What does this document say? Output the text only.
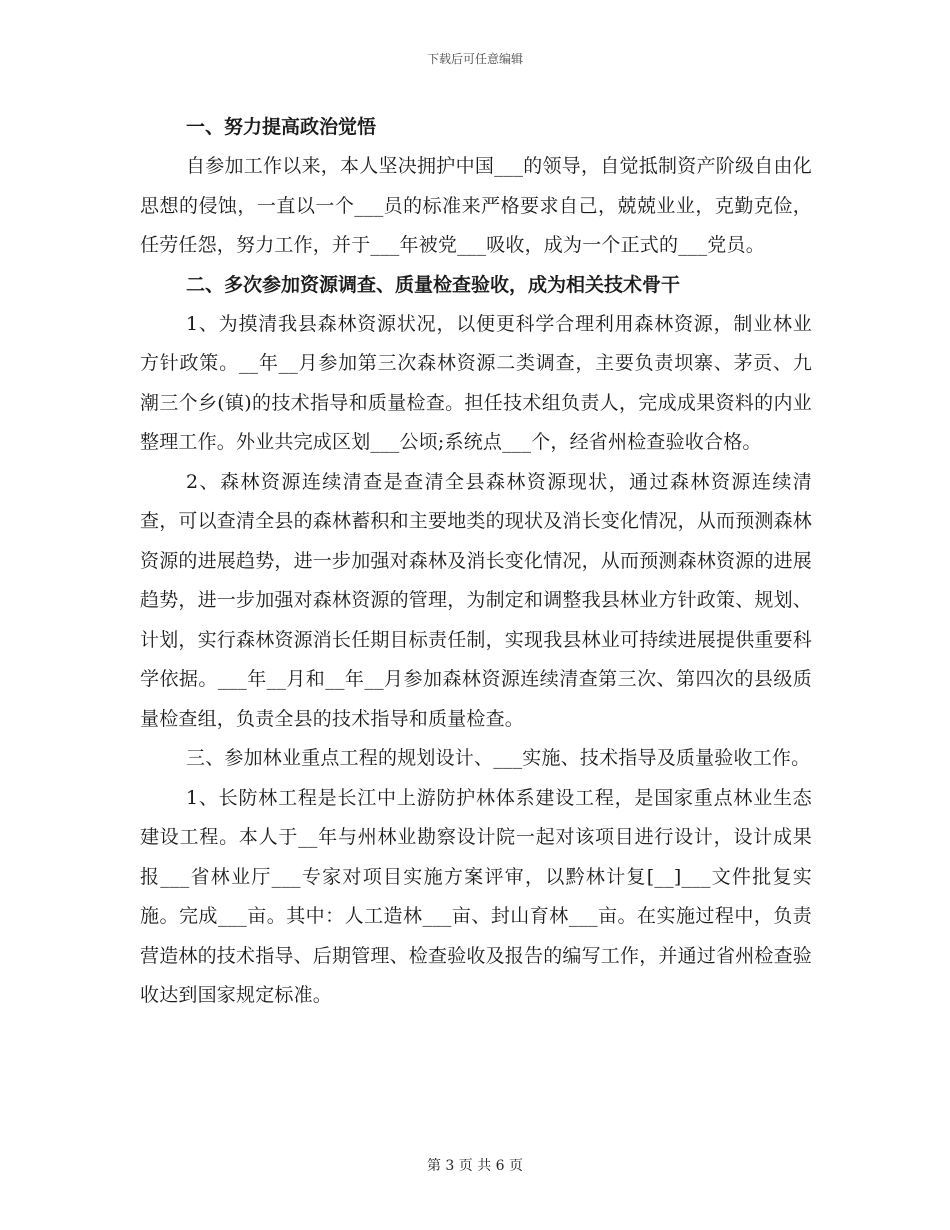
下载后可任意编辑

一、努力提高政治觉悟

自参加工作以来，本人坚决拥护中国___的领导，自觉抵制资产阶级自由化思想的侵蚀，一直以一个___员的标准来严格要求自己，兢兢业业，克勤克俭，任劳任怨，努力工作，并于___年被党___吸收，成为一个正式的___党员。

二、多次参加资源调查、质量检查验收，成为相关技术骨干

1、为摸清我县森林资源状况，以便更科学合理利用森林资源，制业林业方针政策。__年__月参加第三次森林资源二类调查，主要负责坝寨、茅贡、九潮三个乡(镇)的技术指导和质量检查。担任技术组负责人，完成成果资料的内业整理工作。外业共完成区划___公顷;系统点___个，经省州检查验收合格。

2、森林资源连续清查是查清全县森林资源现状，通过森林资源连续清查，可以查清全县的森林蓄积和主要地类的现状及消长变化情况，从而预测森林资源的进展趋势，进一步加强对森林及消长变化情况，从而预测森林资源的进展趋势，进一步加强对森林资源的管理，为制定和调整我县林业方针政策、规划、计划，实行森林资源消长任期目标责任制，实现我县林业可持续进展提供重要科学依据。___年__月和__年__月参加森林资源连续清查第三次、第四次的县级质量检查组，负责全县的技术指导和质量检查。

三、参加林业重点工程的规划设计、___实施、技术指导及质量验收工作。

1、长防林工程是长江中上游防护林体系建设工程，是国家重点林业生态建设工程。本人于__年与州林业勘察设计院一起对该项目进行设计，设计成果报___省林业厅___专家对项目实施方案评审，以黔林计复[__]___文件批复实施。完成___亩。其中：人工造林___亩、封山育林___亩。在实施过程中，负责营造林的技术指导、后期管理、检查验收及报告的编写工作，并通过省州检查验收达到国家规定标准。

第 3 页 共 6 页
